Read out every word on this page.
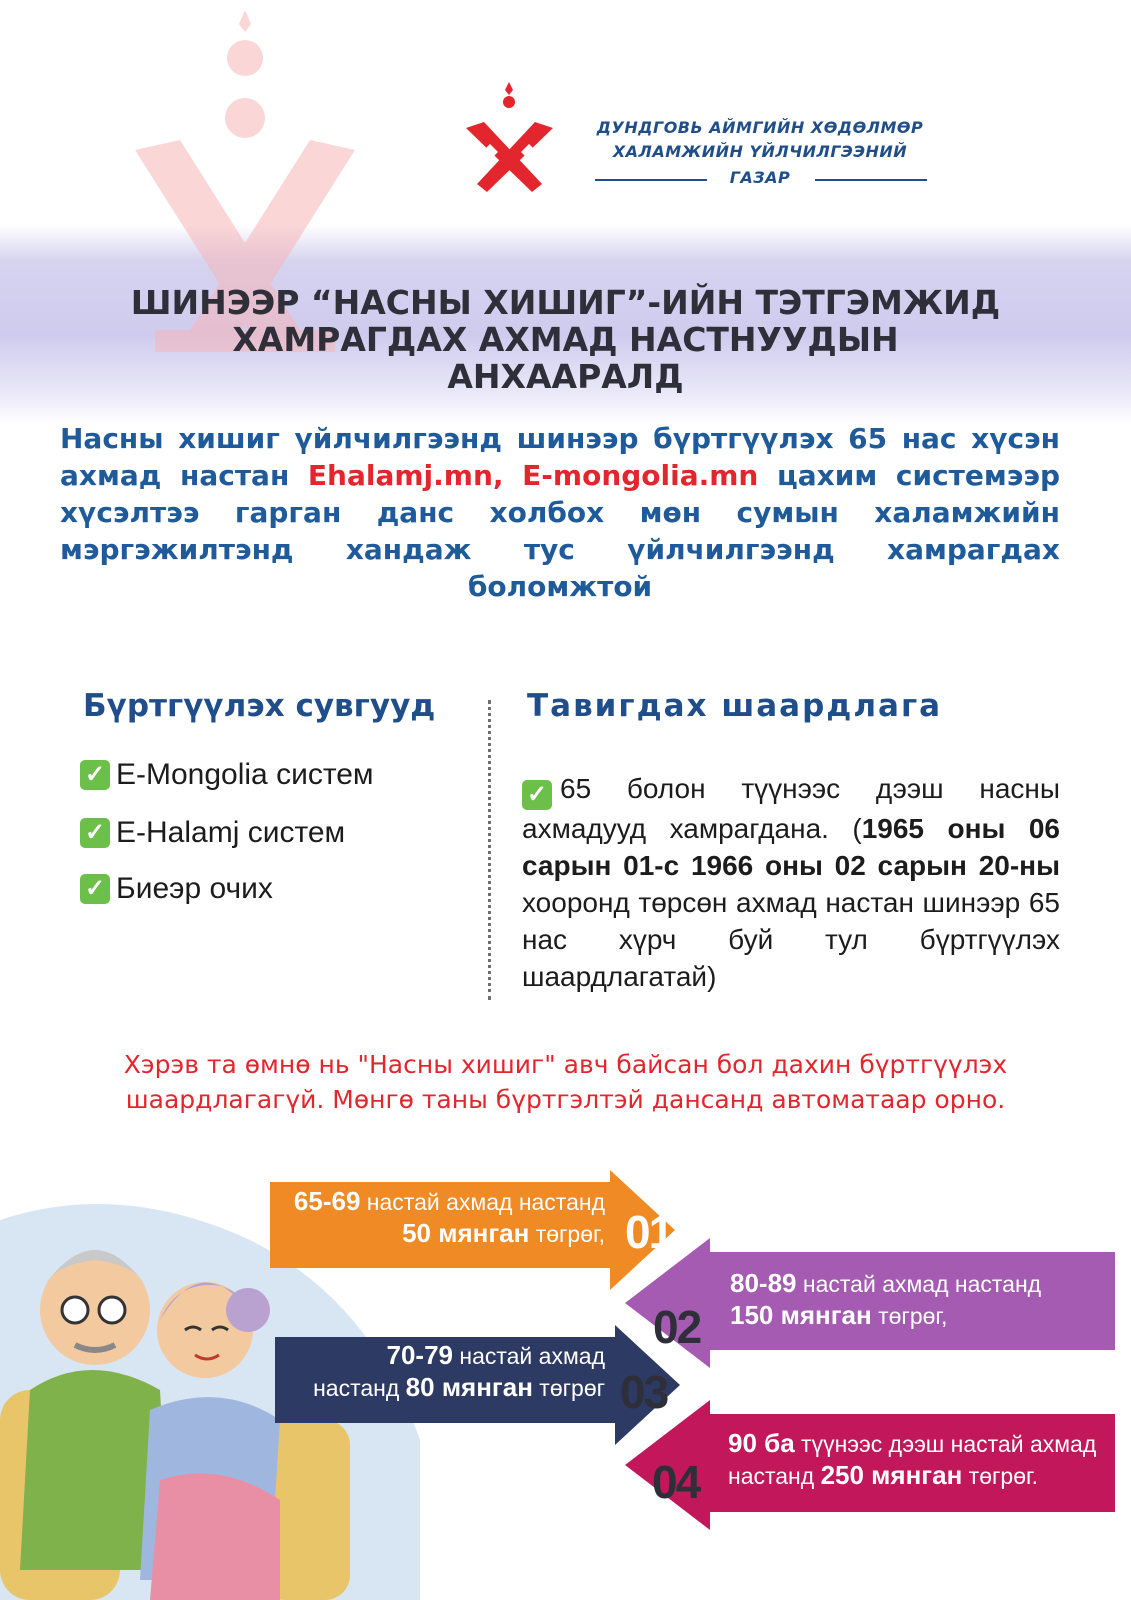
ДУНДГОВЬ АЙМГИЙН ХӨДӨЛМӨР
ХАЛАМЖИЙН ҮЙЛЧИЛГЭЭНИЙ
ГАЗАР
ШИНЭЭР “НАСНЫ ХИШИГ”-ИЙН ТЭТГЭМЖИД
ХАМРАГДАХ АХМАД НАСТНУУДЫН
АНХААРАЛД
Насны хишиг үйлчилгээнд шинээр бүртгүүлэх 65 нас хүсэн ахмад настан Ehalamj.mn, E-mongolia.mn цахим системээр хүсэлтээ гарган данс холбох мөн сумын халамжийн мэргэжилтэнд хандаж тус үйлчилгээнд хамрагдах боломжтой
Бүртгүүлэх сувгууд
✓ E-Mongolia систем
✓ E-Halamj систем
✓ Биеэр очих
Тавигдах шаардлага
✓ 65 болон түүнээс дээш насны ахмадууд хамрагдана. (1965 оны 06 сарын 01-с 1966 оны 02 сарын 20-ны хооронд төрсөн ахмад настан шинээр 65 нас хүрч буй тул бүртгүүлэх шаардлагатай)
Хэрэв та өмнө нь "Насны хишиг" авч байсан бол дахин бүртгүүлэх
шаардлагагүй. Мөнгө таны бүртгэлтэй дансанд автоматаар орно.
65-69 настай ахмад настанд
50 мянган төгрөг, 01
80-89 настай ахмад настанд
150 мянган төгрөг,
02
70-79 настай ахмад
настанд 80 мянган төгрөг 03
90 ба түүнээс дээш настай ахмад
настанд 250 мянган төгрөг.
04
